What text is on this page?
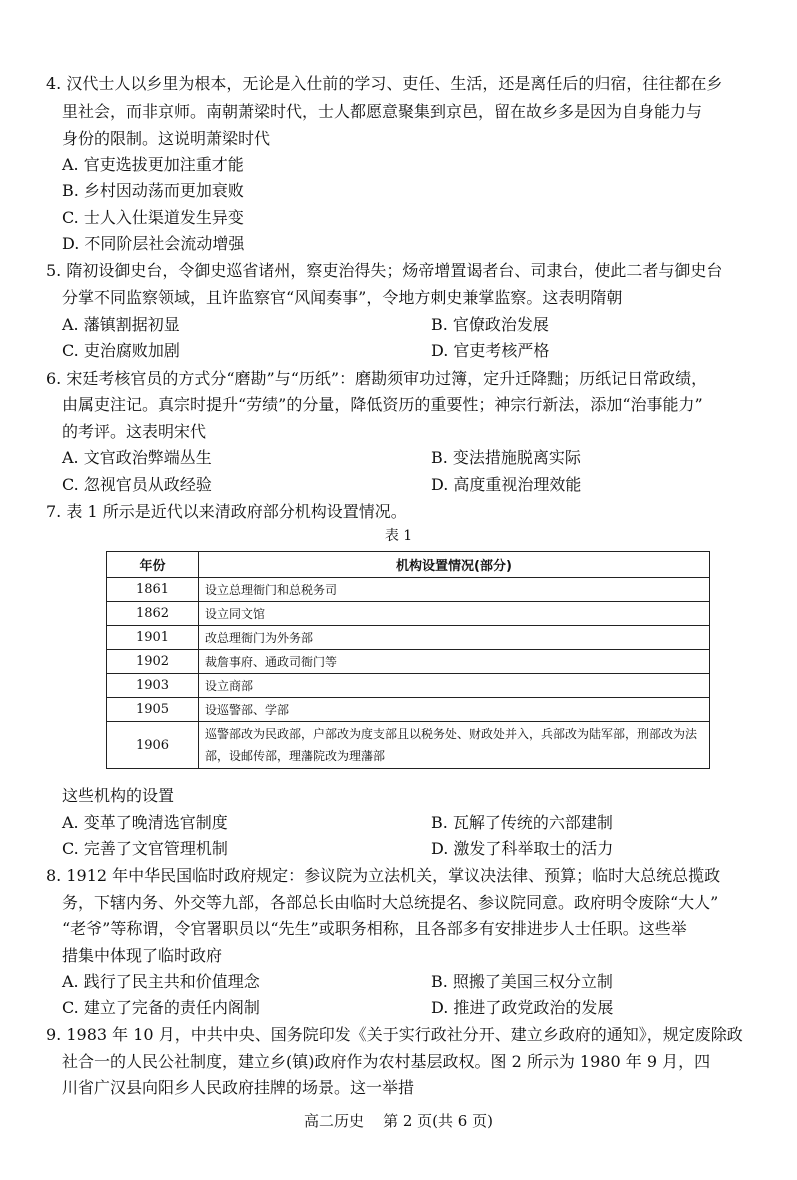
4. 汉代士人以乡里为根本，无论是入仕前的学习、吏任、生活，还是离任后的归宿，往往都在乡
里社会，而非京师。南朝萧梁时代，士人都愿意聚集到京邑，留在故乡多是因为自身能力与
身份的限制。这说明萧梁时代
A. 官吏选拔更加注重才能
B. 乡村因动荡而更加衰败
C. 士人入仕渠道发生异变
D. 不同阶层社会流动增强
5. 隋初设御史台，令御史巡省诸州，察吏治得失；炀帝增置谒者台、司隶台，使此二者与御史台
分掌不同监察领域，且许监察官“风闻奏事”，令地方刺史兼掌监察。这表明隋朝
A. 藩镇割据初显	B. 官僚政治发展
C. 吏治腐败加剧	D. 官吏考核严格
6. 宋廷考核官员的方式分“磨勘”与“历纸”：磨勘须审功过簿，定升迁降黜；历纸记日常政绩，
由属吏注记。真宗时提升“劳绩”的分量，降低资历的重要性；神宗行新法，添加“治事能力”
的考评。这表明宋代
A. 文官政治弊端丛生	B. 变法措施脱离实际
C. 忽视官员从政经验	D. 高度重视治理效能
7. 表 1 所示是近代以来清政府部分机构设置情况。
表 1
年份	机构设置情况(部分)
1861	设立总理衙门和总税务司
1862	设立同文馆
1901	改总理衙门为外务部
1902	裁詹事府、通政司衙门等
1903	设立商部
1905	设巡警部、学部
1906	巡警部改为民政部，户部改为度支部且以税务处、财政处并入，兵部改为陆军部，刑部改为法部，设邮传部，理藩院改为理藩部
这些机构的设置
A. 变革了晚清选官制度	B. 瓦解了传统的六部建制
C. 完善了文官管理机制	D. 激发了科举取士的活力
8. 1912 年中华民国临时政府规定：参议院为立法机关，掌议决法律、预算；临时大总统总揽政
务，下辖内务、外交等九部，各部总长由临时大总统提名、参议院同意。政府明令废除“大人”
“老爷”等称谓，令官署职员以“先生”或职务相称，且各部多有安排进步人士任职。这些举
措集中体现了临时政府
A. 践行了民主共和价值理念	B. 照搬了美国三权分立制
C. 建立了完备的责任内阁制	D. 推进了政党政治的发展
9. 1983 年 10 月，中共中央、国务院印发《关于实行政社分开、建立乡政府的通知》，规定废除政
社合一的人民公社制度，建立乡(镇)政府作为农村基层政权。图 2 所示为 1980 年 9 月，四
川省广汉县向阳乡人民政府挂牌的场景。这一举措
高二历史    第 2 页(共 6 页)
